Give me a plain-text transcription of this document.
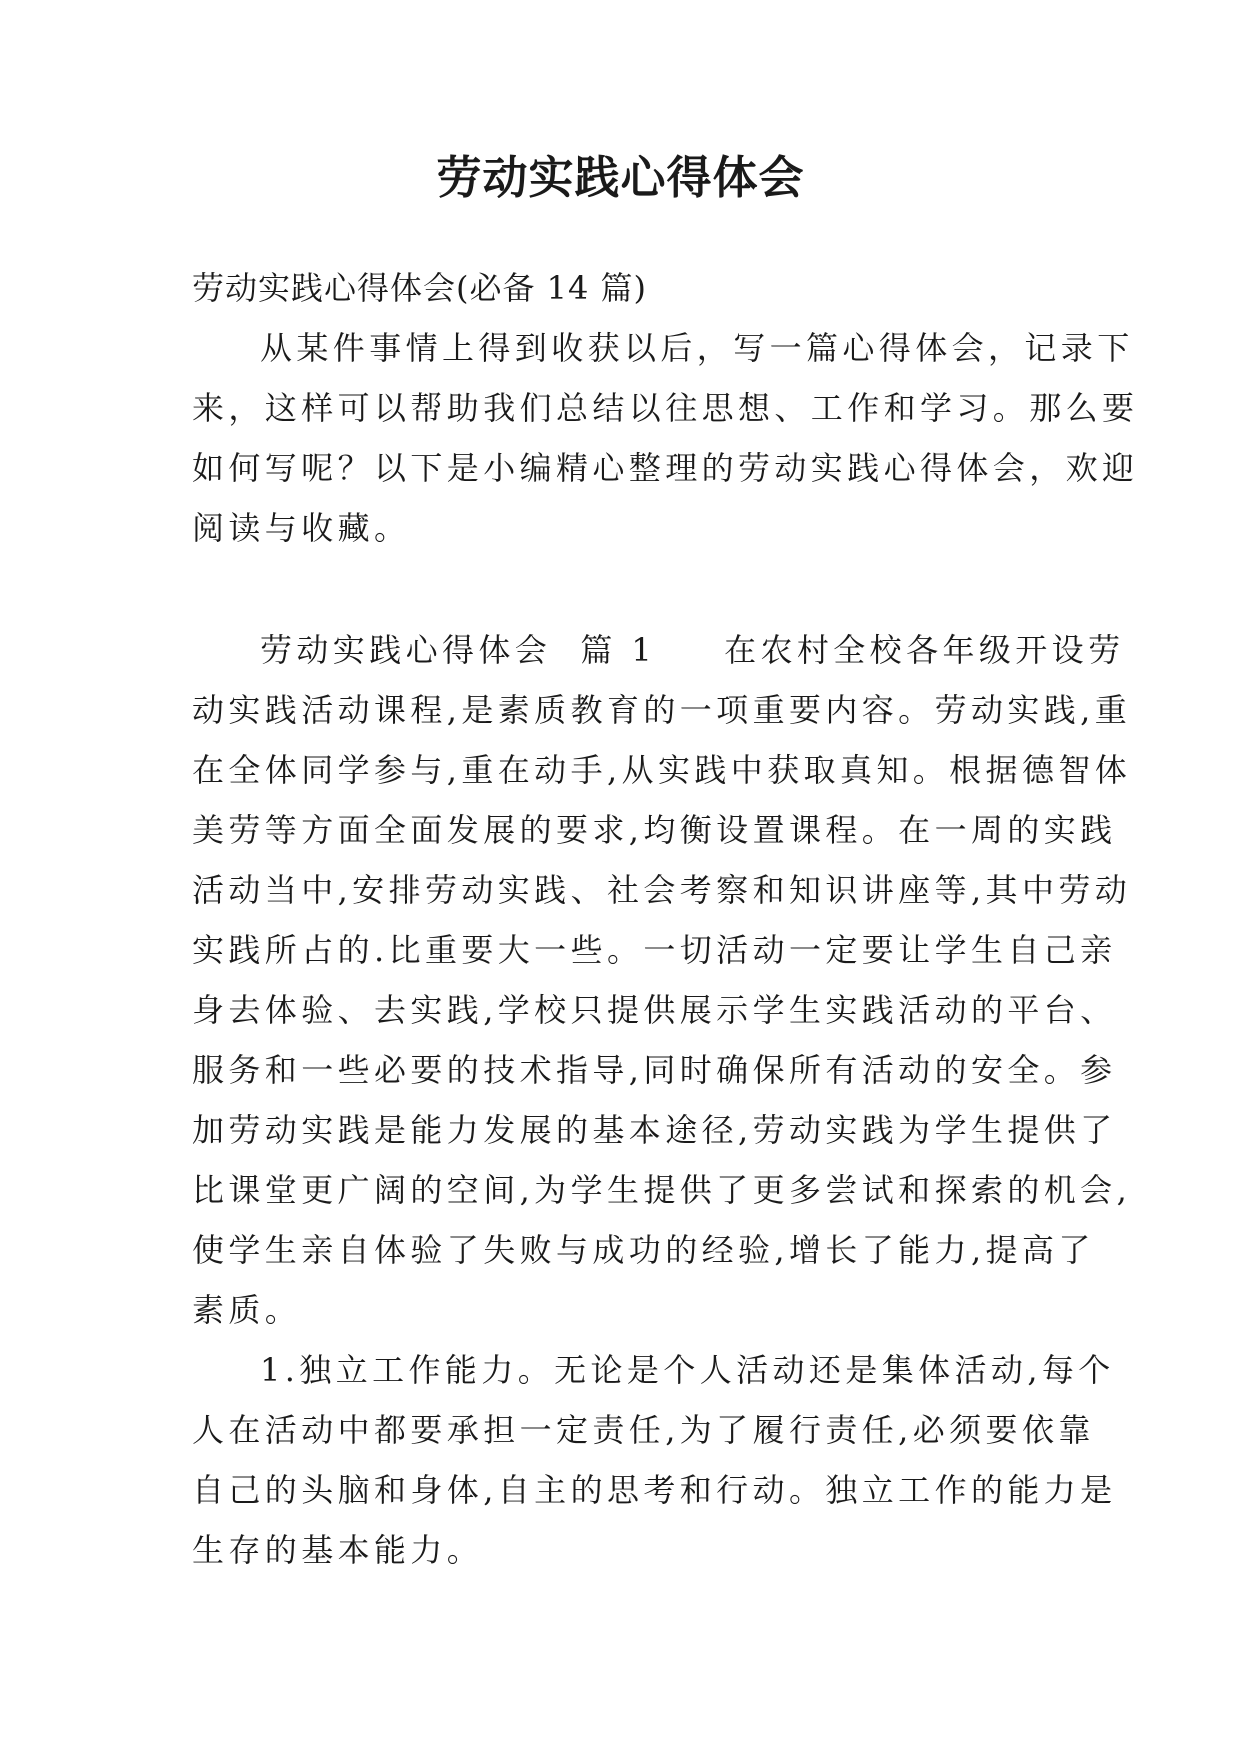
劳动实践心得体会
劳动实践心得体会(必备 14 篇)
从某件事情上得到收获以后，写一篇心得体会，记录下
来，这样可以帮助我们总结以往思想、工作和学习。那么要
如何写呢？以下是小编精心整理的劳动实践心得体会，欢迎
阅读与收藏。
劳动实践心得体会  篇 1 在农村全校各年级开设劳
动实践活动课程,是素质教育的一项重要内容。劳动实践,重
在全体同学参与,重在动手,从实践中获取真知。根据德智体
美劳等方面全面发展的要求,均衡设置课程。在一周的实践
活动当中,安排劳动实践、社会考察和知识讲座等,其中劳动
实践所占的.比重要大一些。一切活动一定要让学生自己亲
身去体验、去实践,学校只提供展示学生实践活动的平台、
服务和一些必要的技术指导,同时确保所有活动的安全。参
加劳动实践是能力发展的基本途径,劳动实践为学生提供了
比课堂更广阔的空间,为学生提供了更多尝试和探索的机会,
使学生亲自体验了失败与成功的经验,增长了能力,提高了
素质。
1.独立工作能力。无论是个人活动还是集体活动,每个
人在活动中都要承担一定责任,为了履行责任,必须要依靠
自己的头脑和身体,自主的思考和行动。独立工作的能力是
生存的基本能力。
